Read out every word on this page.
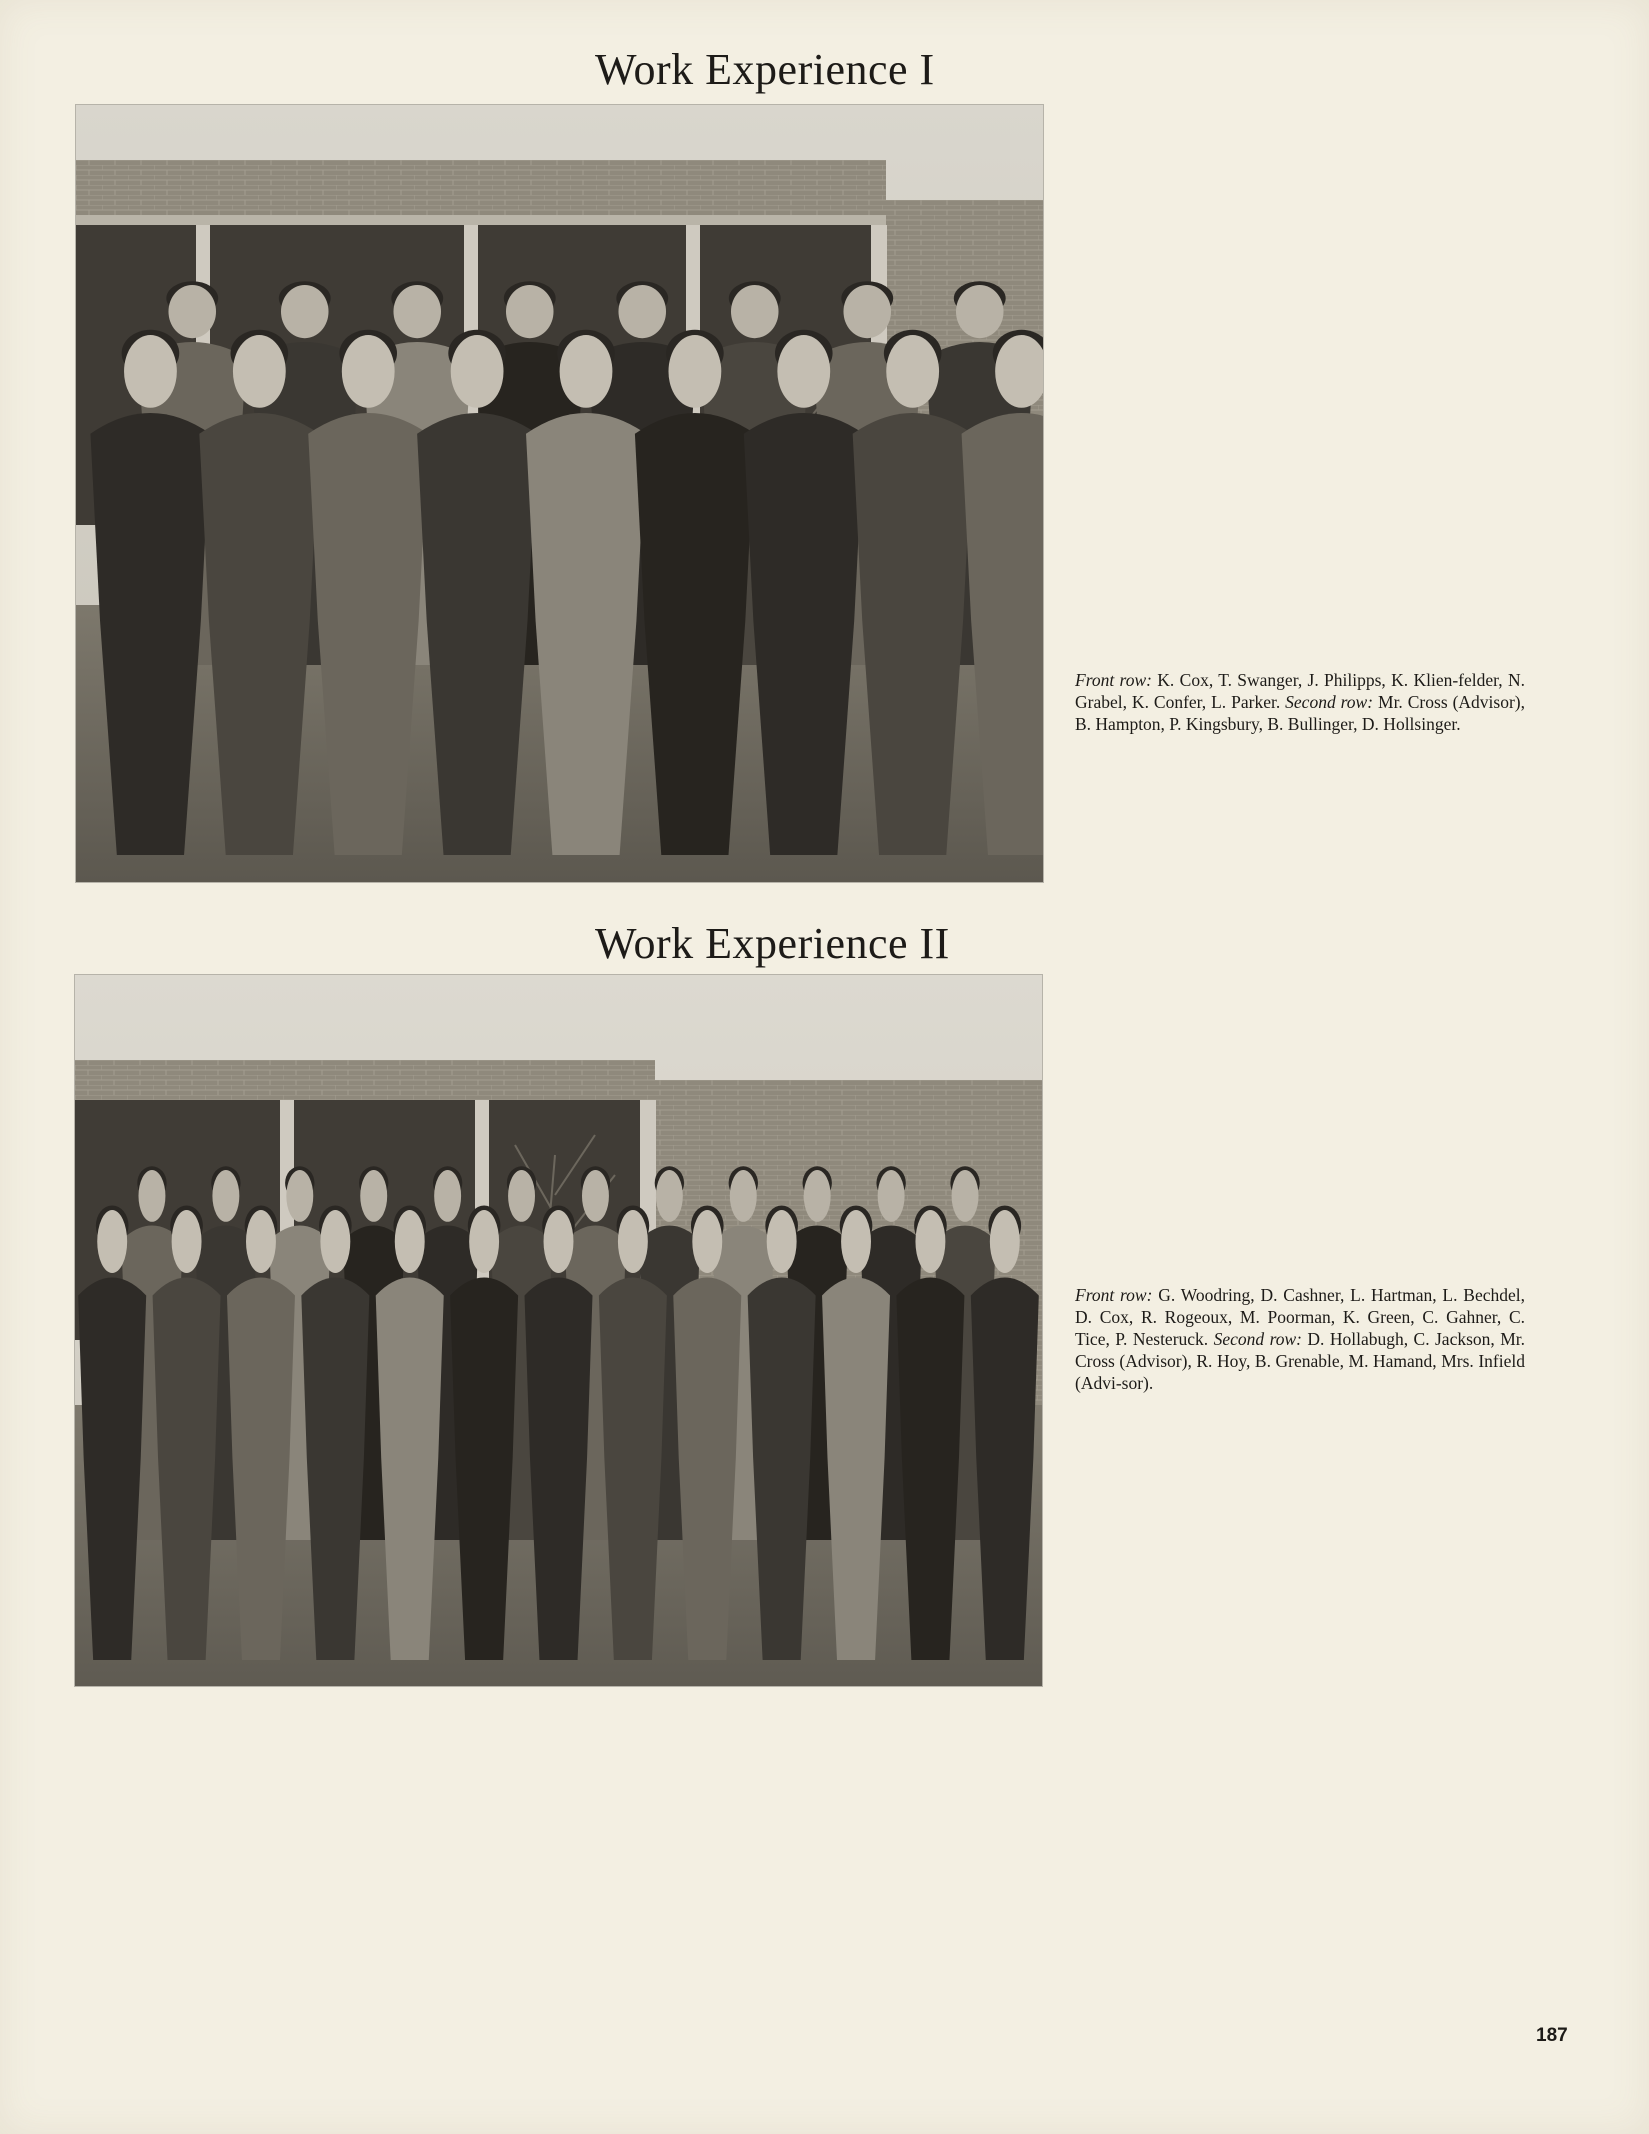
Work Experience I

Front row: K. Cox, T. Swanger, J. Philipps, K. Klien-felder, N. Grabel, K. Confer, L. Parker. Second row: Mr. Cross (Advisor), B. Hampton, P. Kingsbury, B. Bullinger, D. Hollsinger.

Work Experience II

Front row: G. Woodring, D. Cashner, L. Hartman, L. Bechdel, D. Cox, R. Rogeoux, M. Poorman, K. Green, C. Gahner, C. Tice, P. Nesteruck. Second row: D. Hollabugh, C. Jackson, Mr. Cross (Advisor), R. Hoy, B. Grenable, M. Hamand, Mrs. Infield (Advi-sor).

187
